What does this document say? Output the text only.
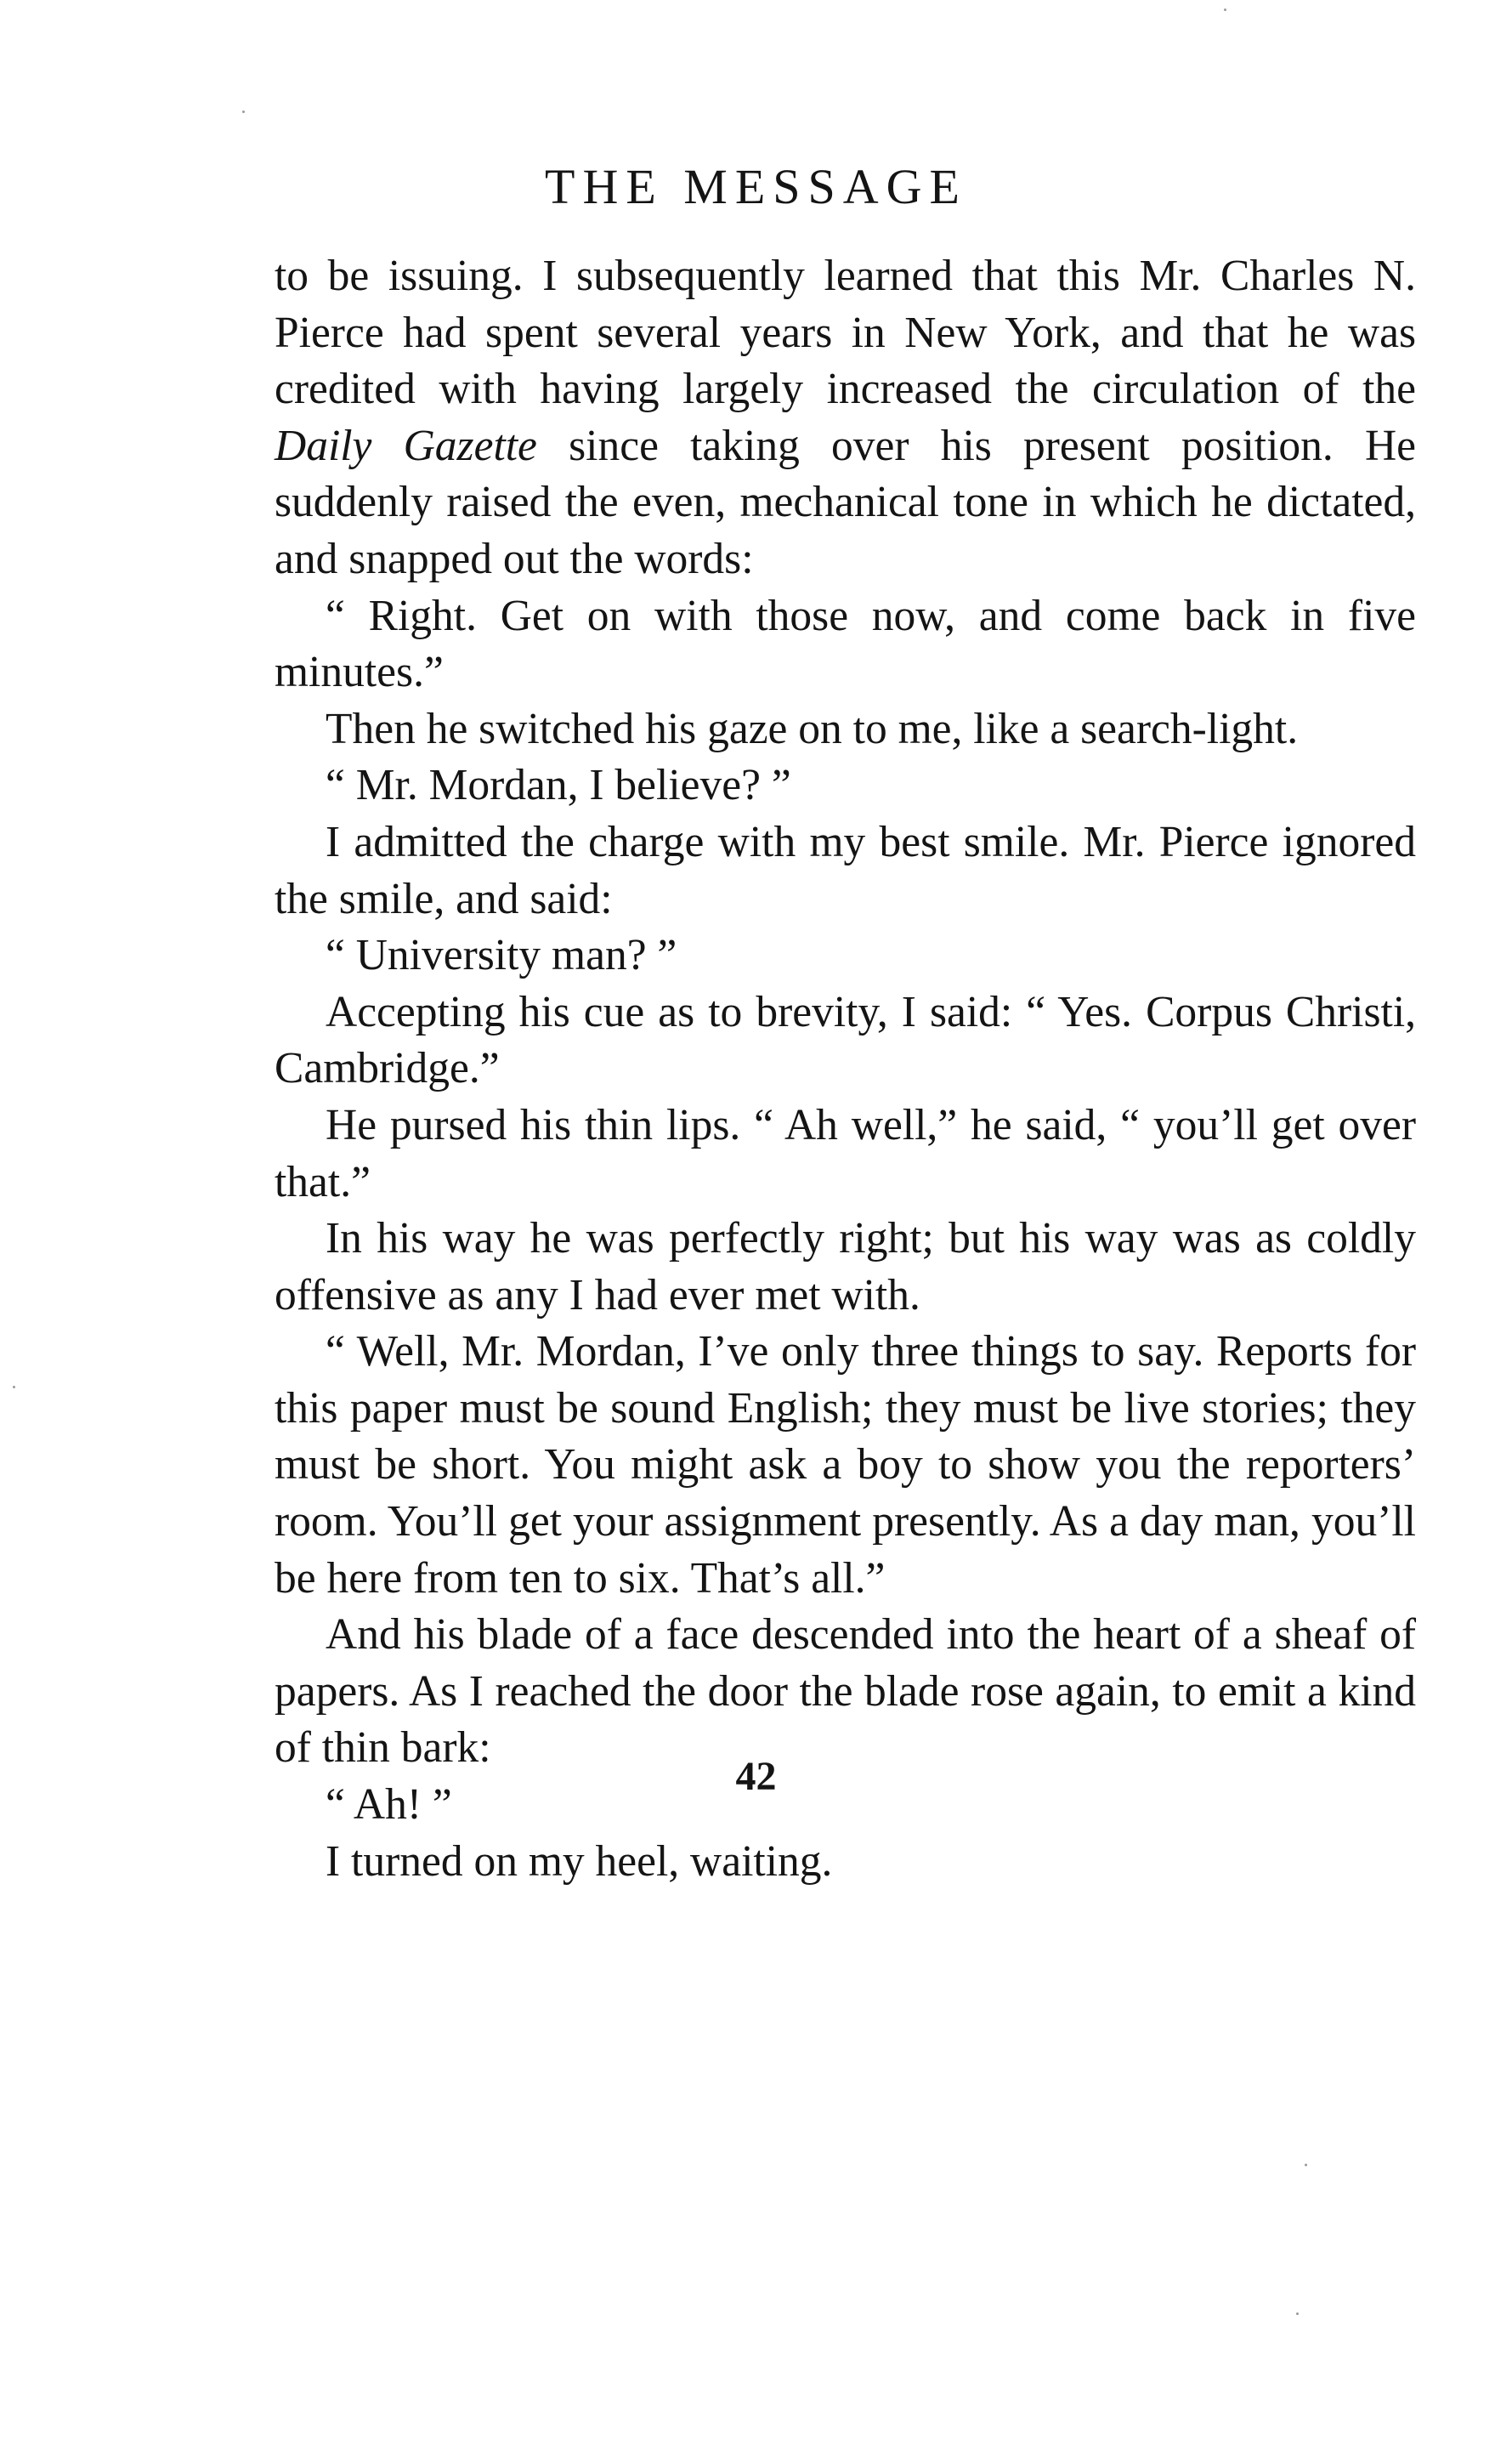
THE MESSAGE

to be issuing. I subsequently learned that this Mr. Charles N. Pierce had spent several years in New York, and that he was credited with having largely increased the circulation of the Daily Gazette since taking over his present position. He suddenly raised the even, mechanical tone in which he dictated, and snapped out the words:

“ Right. Get on with those now, and come back in five minutes.”

Then he switched his gaze on to me, like a search-light.

“ Mr. Mordan, I believe? ”

I admitted the charge with my best smile. Mr. Pierce ignored the smile, and said:

“ University man? ”

Accepting his cue as to brevity, I said: “ Yes. Corpus Christi, Cambridge.”

He pursed his thin lips. “ Ah well,” he said, “ you’ll get over that.”

In his way he was perfectly right; but his way was as coldly offensive as any I had ever met with.

“ Well, Mr. Mordan, I’ve only three things to say. Reports for this paper must be sound English; they must be live stories; they must be short. You might ask a boy to show you the reporters’ room. You’ll get your assignment presently. As a day man, you’ll be here from ten to six. That’s all.”

And his blade of a face descended into the heart of a sheaf of papers. As I reached the door the blade rose again, to emit a kind of thin bark:

“ Ah! ”

I turned on my heel, waiting.

42
